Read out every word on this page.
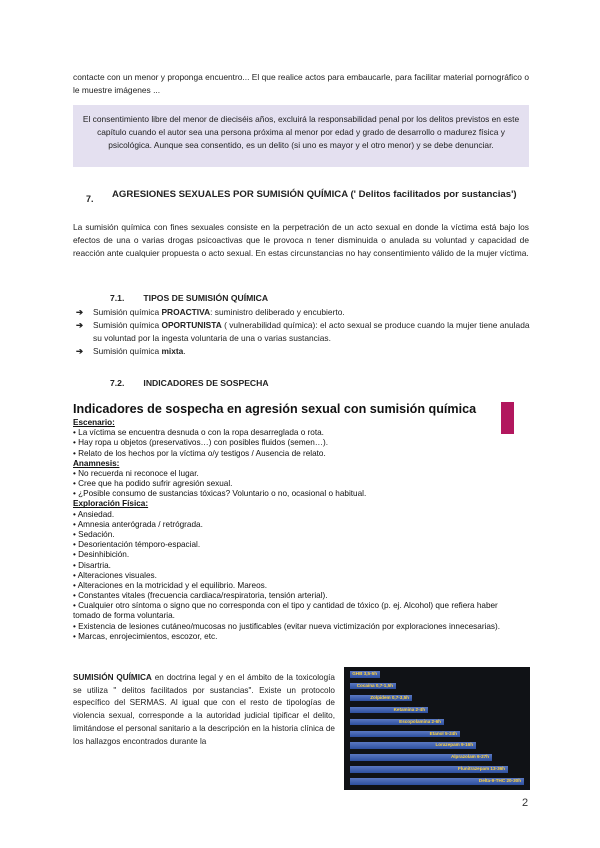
contacte con un menor y proponga encuentro... El que realice actos para embaucarle, para facilitar material pornográfico o le muestre imágenes ...
El consentimiento libre del menor de dieciséis años, excluirá la responsabilidad penal por los delitos previstos en este capítulo cuando el autor sea una persona próxima al menor por edad y grado de desarrollo o madurez física y psicológica. Aunque sea consentido, es un delito (si uno es mayor y el otro menor) y se debe denunciar.
7. AGRESIONES SEXUALES POR SUMISIÓN QUÍMICA (' Delitos facilitados por sustancias')
La sumisión química con fines sexuales consiste en la perpetración de un acto sexual en donde la víctima está bajo los efectos de una o varias drogas psicoactivas que le provoca n tener disminuida o anulada su voluntad y capacidad de reacción ante cualquier propuesta o acto sexual. En estas circunstancias no hay consentimiento válido de la mujer víctima.
7.1.        TIPOS DE SUMISIÓN QUÍMICA
➔ Sumisión química PROACTIVA: suministro deliberado y encubierto.
➔ Sumisión química OPORTUNISTA ( vulnerabilidad química): el acto sexual se produce cuando la mujer tiene anulada su voluntad por la ingesta voluntaria de una o varias sustancias.
➔ Sumisión química mixta.
7.2.        INDICADORES DE SOSPECHA
Indicadores de sospecha en agresión sexual con sumisión química
Escenario:
• La víctima se encuentra desnuda o con la ropa desarreglada o rota.
• Hay ropa u objetos (preservativos…) con posibles fluidos (semen…).
• Relato de los hechos por la víctima o/y testigos / Ausencia de relato.
Anamnesis:
• No recuerda ni reconoce el lugar.
• Cree que ha podido sufrir agresión sexual.
• ¿Posible consumo de sustancias tóxicas? Voluntario o no, ocasional o habitual.
Exploración Física:
• Ansiedad.
• Amnesia anterógrada / retrógrada.
• Sedación.
• Desorientación témporo-espacial.
• Desinhibición.
• Disartria.
• Alteraciones visuales.
• Alteraciones en la motricidad y el equilibrio. Mareos.
• Constantes vitales (frecuencia cardiaca/respiratoria, tensión arterial).
• Cualquier otro síntoma o signo que no corresponda con el tipo y cantidad de tóxico (p. ej. Alcohol) que refiera haber tomado de forma voluntaria.
• Existencia de lesiones cutáneo/mucosas no justificables (evitar nueva victimización por exploraciones innecesarias).
• Marcas, enrojecimientos, escozor, etc.
SUMISIÓN QUÍMICA en doctrina legal y en el ámbito de la toxicología se utiliza " delitos facilitados por sustancias". Existe un protocolo específico del SERMAS. Al igual que con el resto de tipologías de violencia sexual, corresponde a la autoridad judicial tipificar el delito, limitándose el personal sanitario a la descripción en la historia clínica de los hallazgos encontrados durante la
GHB 3,5-5h
Cocaína 0,7-1,5h
Zolpidem 0,7-3,5h
Ketamina 2-4h
Escopolamina 2-6h
Etanol 5-24h
Lorazepam 9-16h
Alprazolam 6-27h
Flunitrazepam 13-36h
Delta-9-THC 20-30h
2
